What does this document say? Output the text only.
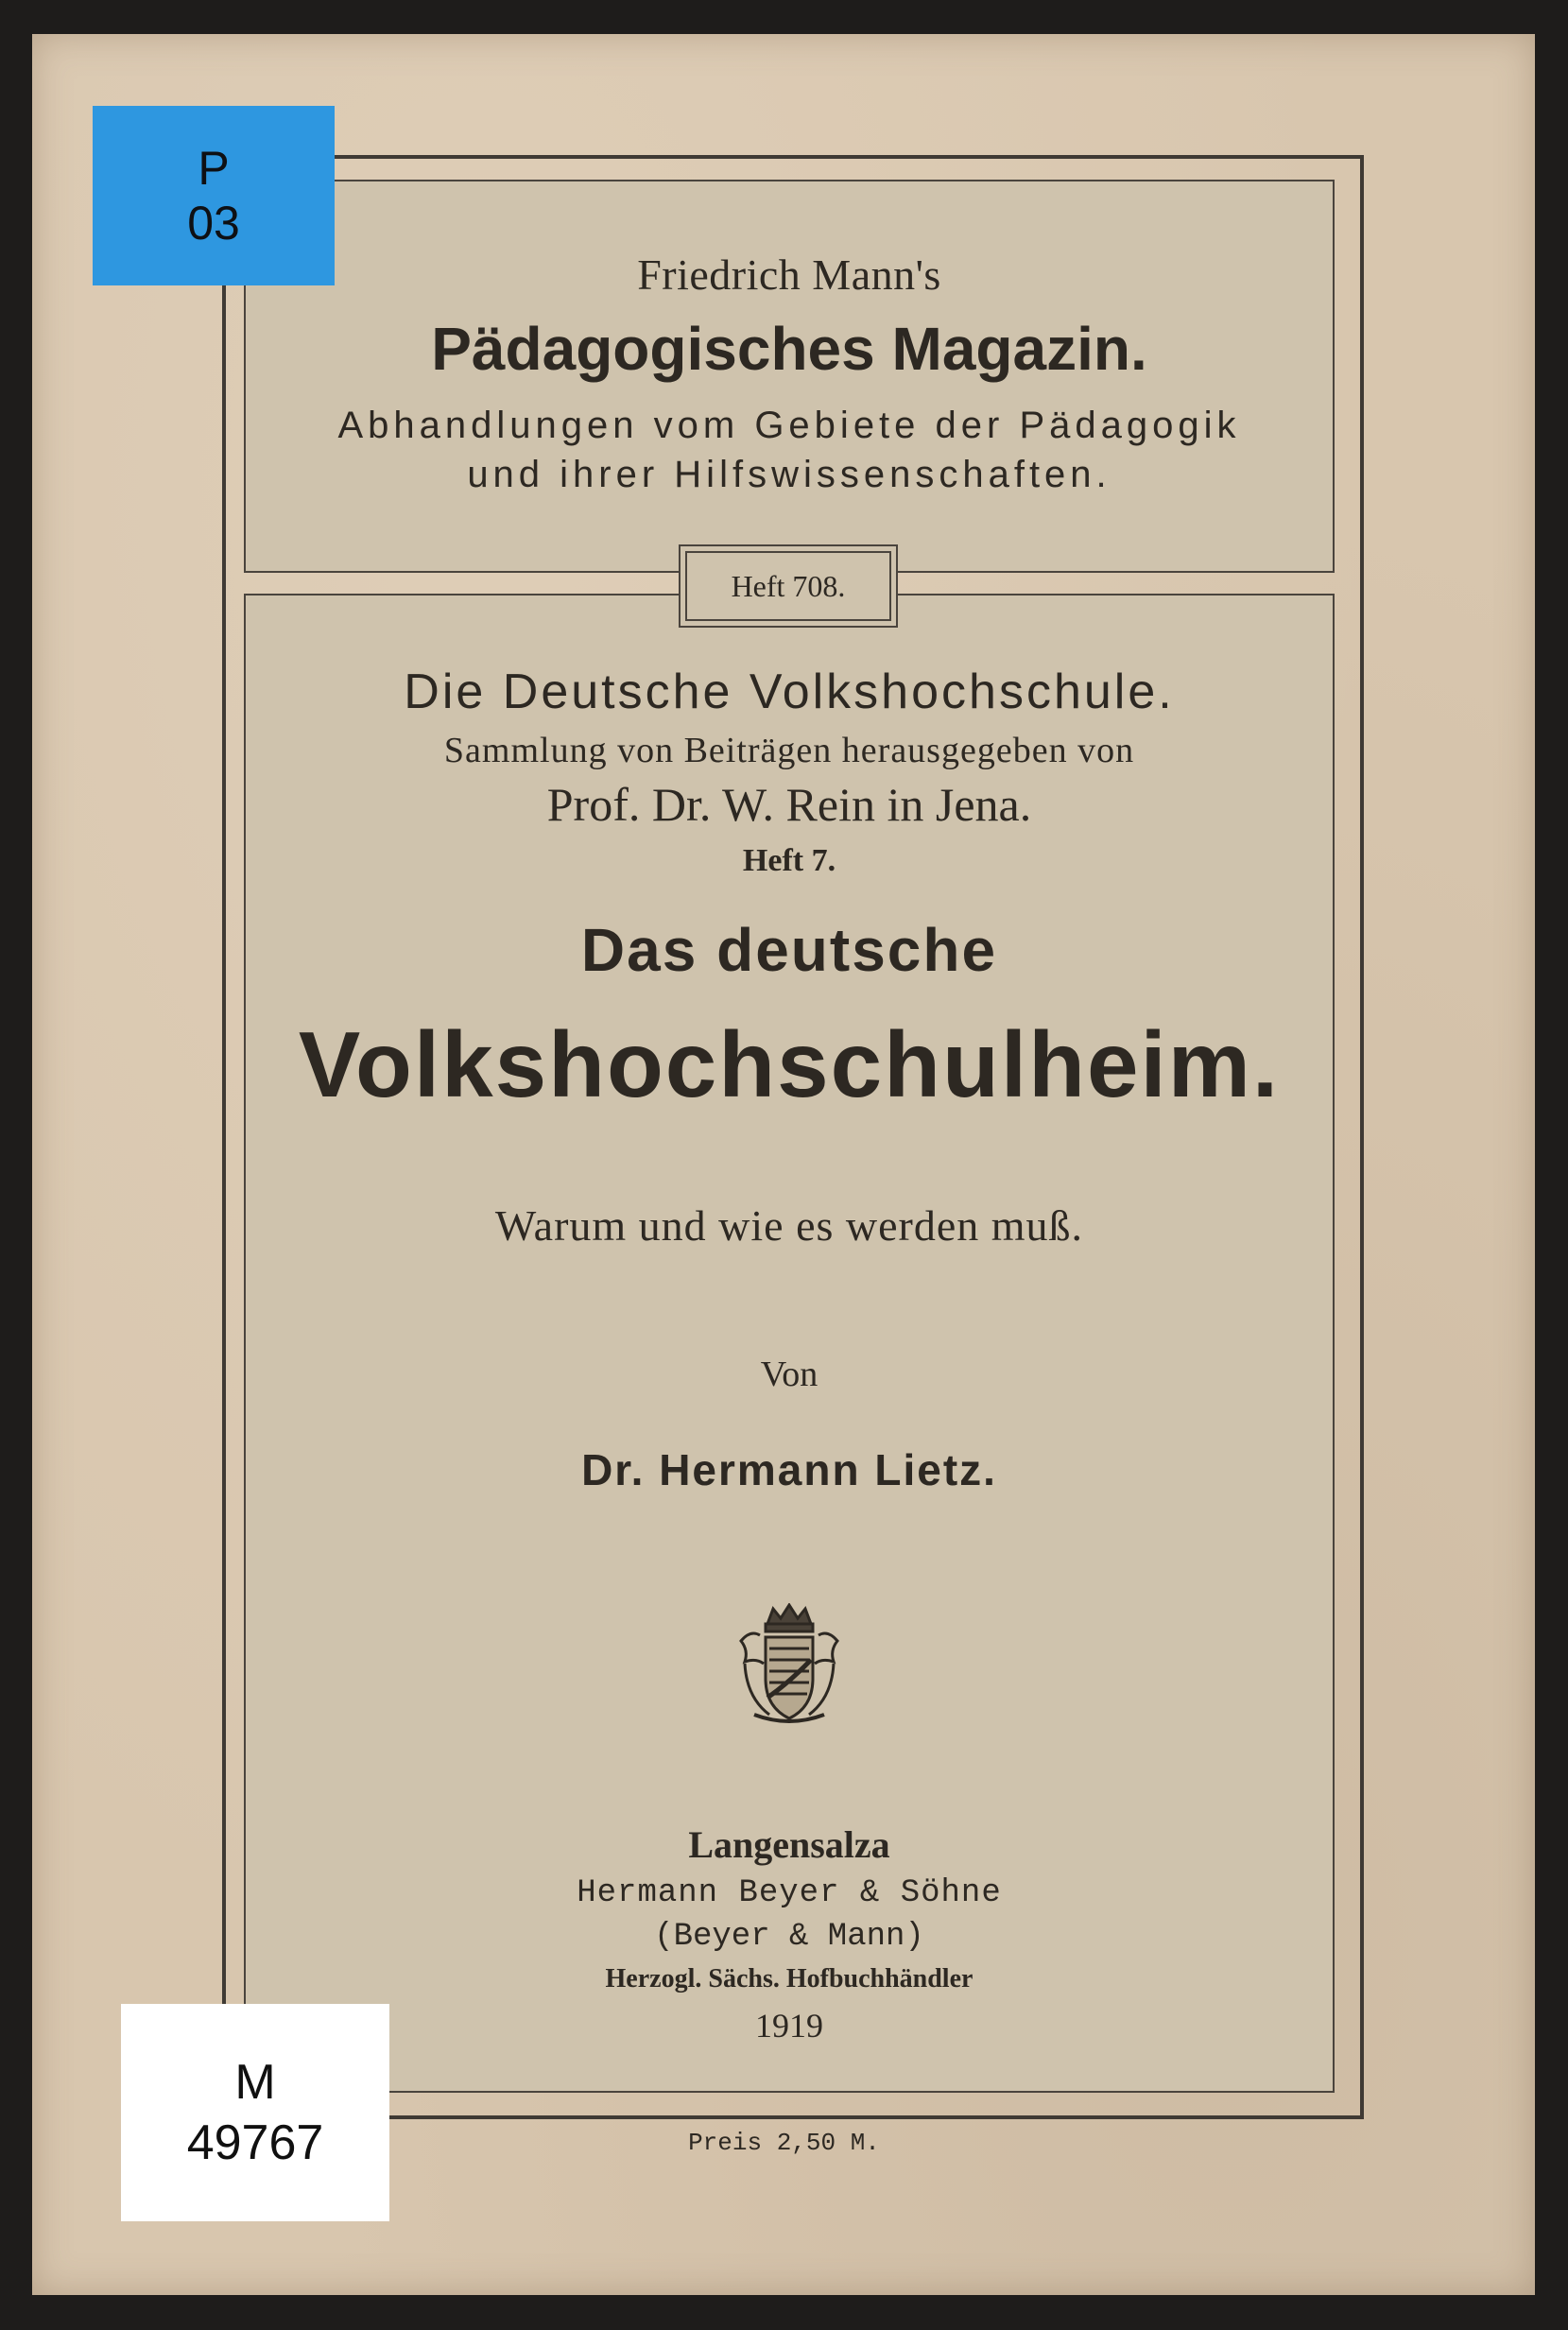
Friedrich Mann's
Pädagogisches Magazin.
Abhandlungen vom Gebiete der Pädagogik
und ihrer Hilfswissenschaften.
Die Deutsche Volkshochschule.
Sammlung von Beiträgen herausgegeben von
Prof. Dr. W. Rein in Jena.
Heft 7.
Das deutsche
Volkshochschulheim.
Warum und wie es werden muß.
Von
Dr. Hermann Lietz.
Langensalza
Hermann Beyer & Söhne
(Beyer & Mann)
Herzogl. Sächs. Hofbuchhändler
1919
Heft 708.
Preis 2,50 M.
P
03
M
49767
